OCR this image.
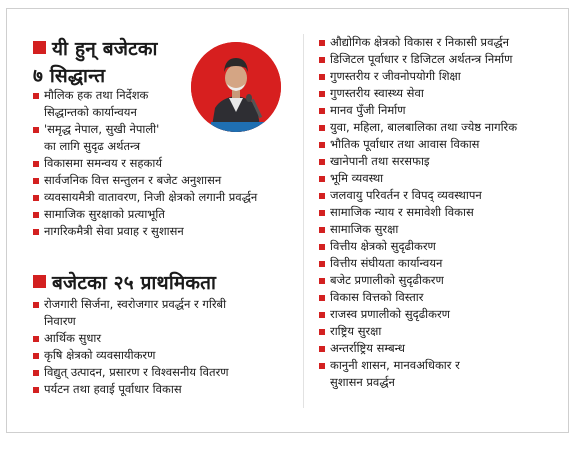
यी हुन् बजेटका
७ सिद्धान्त
मौलिक हक तथा निर्देशक
सिद्धान्तको कार्यान्वयन
'समृद्ध नेपाल, सुखी नेपाली'
का लागि सुदृढ अर्थतन्त्र
विकासमा समन्वय र सहकार्य
सार्वजनिक वित्त सन्तुलन र बजेट अनुशासन
व्यवसायमैत्री वातावरण, निजी क्षेत्रको लगानी प्रवर्द्धन
सामाजिक सुरक्षाको प्रत्याभूति
नागरिकमैत्री सेवा प्रवाह र सुशासन
बजेटका २५ प्राथमिकता
रोजगारी सिर्जना, स्वरोजगार प्रवर्द्धन र गरिबी
निवारण
आर्थिक सुधार
कृषि क्षेत्रको व्यवसायीकरण
विद्युत् उत्पादन, प्रसारण र विश्वसनीय वितरण
पर्यटन तथा हवाई पूर्वाधार विकास
औद्योगिक क्षेत्रको विकास र निकासी प्रवर्द्धन
डिजिटल पूर्वाधार र डिजिटल अर्थतन्त्र निर्माण
गुणस्तरीय र जीवनोपयोगी शिक्षा
गुणस्तरीय स्वास्थ्य सेवा
मानव पुँजी निर्माण
युवा, महिला, बालबालिका तथा ज्येष्ठ नागरिक
भौतिक पूर्वाधार तथा आवास विकास
खानेपानी तथा सरसफाइ
भूमि व्यवस्था
जलवायु परिवर्तन र विपद् व्यवस्थापन
सामाजिक न्याय र समावेशी विकास
सामाजिक सुरक्षा
वित्तीय क्षेत्रको सुदृढीकरण
वित्तीय संघीयता कार्यान्वयन
बजेट प्रणालीको सुदृढीकरण
विकास वित्तको विस्तार
राजस्व प्रणालीको सुदृढीकरण
राष्ट्रिय सुरक्षा
अन्तर्राष्ट्रिय सम्बन्ध
कानुनी शासन, मानवअधिकार र
सुशासन प्रवर्द्धन
